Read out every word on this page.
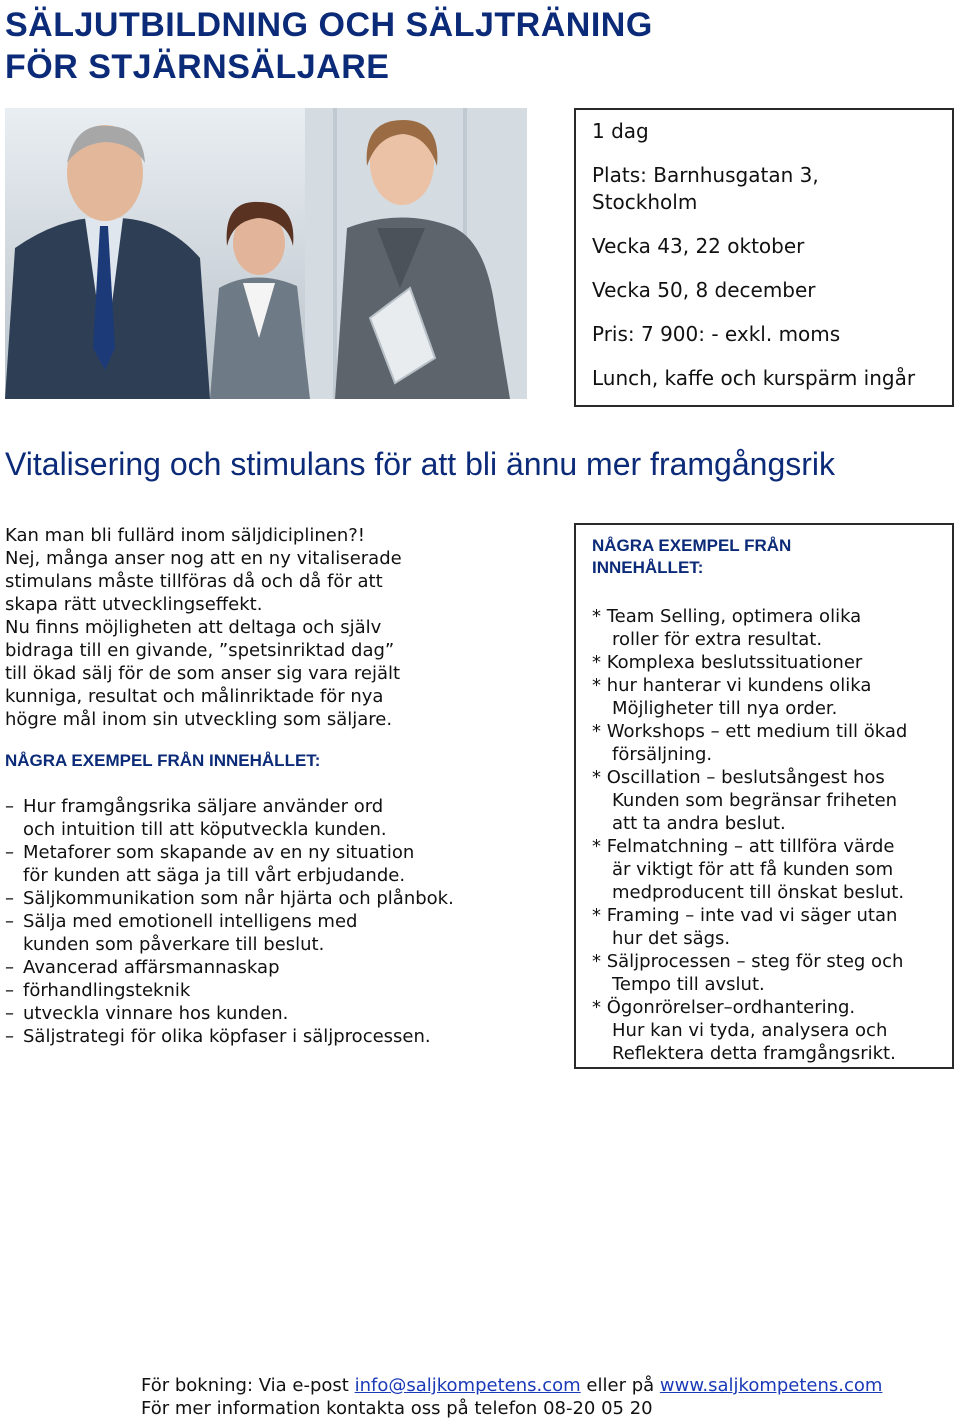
SÄLJUTBILDNING OCH SÄLJTRÄNING
FÖR STJÄRNSÄLJARE
1 dag
Plats: Barnhusgatan 3,
Stockholm
Vecka 43, 22 oktober
Vecka 50, 8 december
Pris: 7 900: - exkl. moms
Lunch, kaffe och kurspärm ingår
Vitalisering och stimulans för att bli ännu mer framgångsrik

Kan man bli fullärd inom säljdiciplinen?!

Nej, många anser nog att en ny vitaliserade

stimulans måste tillföras då och då för att

skapa rätt utvecklingseffekt.

Nu finns möjligheten att deltaga och själv

bidraga till en givande, ”spetsinriktad dag”

till ökad sälj för de som anser sig vara rejält

kunniga, resultat och målinriktade för nya

högre mål inom sin utveckling som säljare.

NÅGRA EXEMPEL FRÅN INNEHÅLLET:
– Hur framgångsrika säljare använder ord
och intuition till att köputveckla kunden.
– Metaforer som skapande av en ny situation
för kunden att säga ja till vårt erbjudande.
– Säljkommunikation som når hjärta och plånbok.
– Sälja med emotionell intelligens med
kunden som påverkare till beslut.
– Avancerad affärsmannaskap
– förhandlingsteknik
– utveckla vinnare hos kunden.
– Säljstrategi för olika köpfaser i säljprocessen.
NÅGRA EXEMPEL FRÅN INNEHÅLLET:
* Team Selling, optimera olika
roller för extra resultat.
* Komplexa beslutssituationer
* hur hanterar vi kundens olika
Möjligheter till nya order.
* Workshops – ett medium till ökad
försäljning.
* Oscillation – beslutsångest hos
Kunden som begränsar friheten
att ta andra beslut.
* Felmatchning – att tillföra värde
är viktigt för att få kunden som
medproducent till önskat beslut.
* Framing – inte vad vi säger utan
hur det sägs.
* Säljprocessen – steg för steg och
Tempo till avslut.
* Ögonrörelser–ordhantering.
Hur kan vi tyda, analysera och
Reflektera detta framgångsrikt.
För bokning: Via e-post info@saljkompetens.com eller på www.saljkompetens.com
För mer information kontakta oss på telefon 08-20 05 20
